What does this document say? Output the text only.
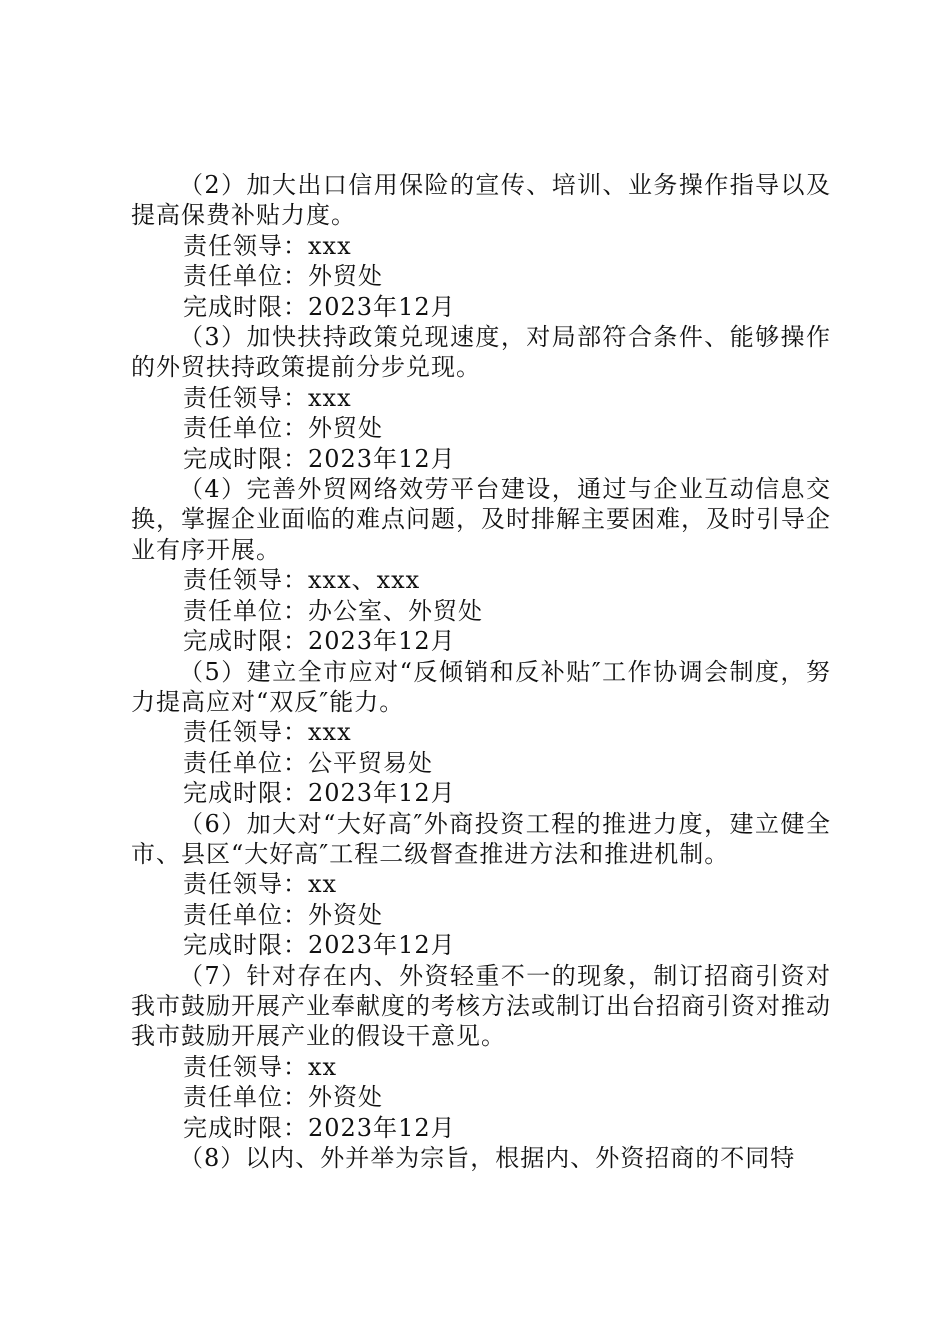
（2）加大出口信用保险的宣传、培训、业务操作指导以及提高保费补贴力度。

责任领导：xxx

责任单位：外贸处

完成时限：2023年12月

（3）加快扶持政策兑现速度，对局部符合条件、能够操作的外贸扶持政策提前分步兑现。

责任领导：xxx

责任单位：外贸处

完成时限：2023年12月

（4）完善外贸网络效劳平台建设，通过与企业互动信息交换，掌握企业面临的难点问题，及时排解主要困难，及时引导企业有序开展。

责任领导：xxx、xxx

责任单位：办公室、外贸处

完成时限：2023年12月

（5）建立全市应对“反倾销和反补贴″工作协调会制度，努力提高应对“双反″能力。

责任领导：xxx

责任单位：公平贸易处

完成时限：2023年12月

（6）加大对“大好高″外商投资工程的推进力度，建立健全市、县区“大好高″工程二级督查推进方法和推进机制。

责任领导：xx

责任单位：外资处

完成时限：2023年12月

（7）针对存在内、外资轻重不一的现象，制订招商引资对我市鼓励开展产业奉献度的考核方法或制订出台招商引资对推动我市鼓励开展产业的假设干意见。

责任领导：xx

责任单位：外资处

完成时限：2023年12月

（8）以内、外并举为宗旨，根据内、外资招商的不同特
